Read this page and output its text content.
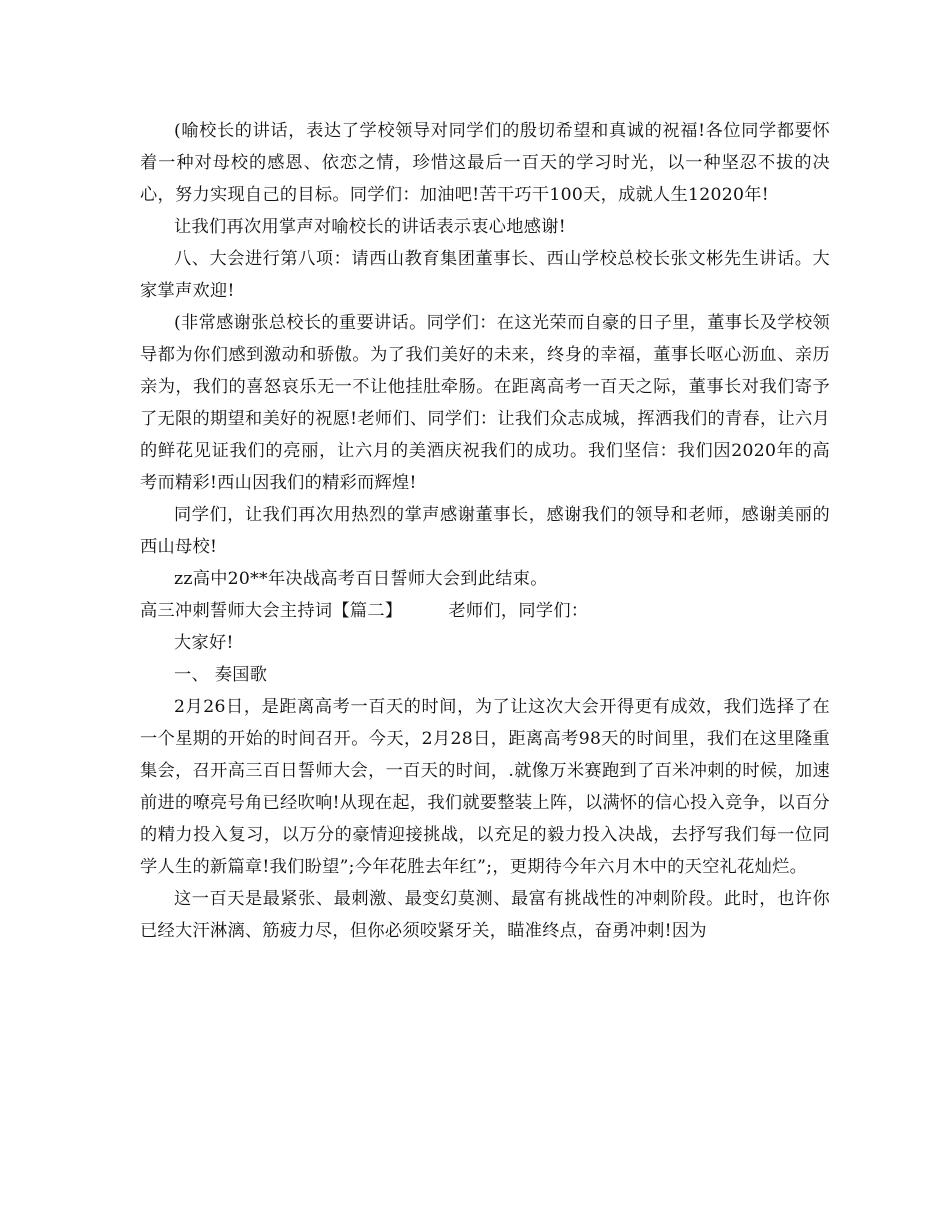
(喻校长的讲话，表达了学校领导对同学们的殷切希望和真诚的祝福!各位同学都要怀着一种对母校的感恩、依恋之情，珍惜这最后一百天的学习时光，以一种坚忍不拔的决心，努力实现自己的目标。同学们：加油吧!苦干巧干100天，成就人生12020年!

让我们再次用掌声对喻校长的讲话表示衷心地感谢!

八、大会进行第八项：请西山教育集团董事长、西山学校总校长张文彬先生讲话。大家掌声欢迎!

(非常感谢张总校长的重要讲话。同学们：在这光荣而自豪的日子里，董事长及学校领导都为你们感到激动和骄傲。为了我们美好的未来，终身的幸福，董事长呕心沥血、亲历亲为，我们的喜怒哀乐无一不让他挂肚牵肠。在距离高考一百天之际，董事长对我们寄予了无限的期望和美好的祝愿!老师们、同学们：让我们众志成城，挥洒我们的青春，让六月的鲜花见证我们的亮丽，让六月的美酒庆祝我们的成功。我们坚信：我们因2020年的高考而精彩!西山因我们的精彩而辉煌!

同学们，让我们再次用热烈的掌声感谢董事长，感谢我们的领导和老师，感谢美丽的西山母校!

zz高中20**年决战高考百日誓师大会到此结束。

高三冲刺誓师大会主持词【篇二】        老师们，同学们：

大家好!

一、 奏国歌

2月26日，是距离高考一百天的时间，为了让这次大会开得更有成效，我们选择了在一个星期的开始的时间召开。今天，2月28日，距离高考98天的时间里，我们在这里隆重集会，召开高三百日誓师大会，一百天的时间，.就像万米赛跑到了百米冲刺的时候，加速前进的嘹亮号角已经吹响!从现在起，我们就要整装上阵，以满怀的信心投入竞争，以百分的精力投入复习，以万分的豪情迎接挑战，以充足的毅力投入决战，去抒写我们每一位同学人生的新篇章!我们盼望”;今年花胜去年红”;，更期待今年六月木中的天空礼花灿烂。

这一百天是最紧张、最刺激、最变幻莫测、最富有挑战性的冲刺阶段。此时，也许你已经大汗淋漓、筋疲力尽，但你必须咬紧牙关，瞄准终点，奋勇冲刺!因为
